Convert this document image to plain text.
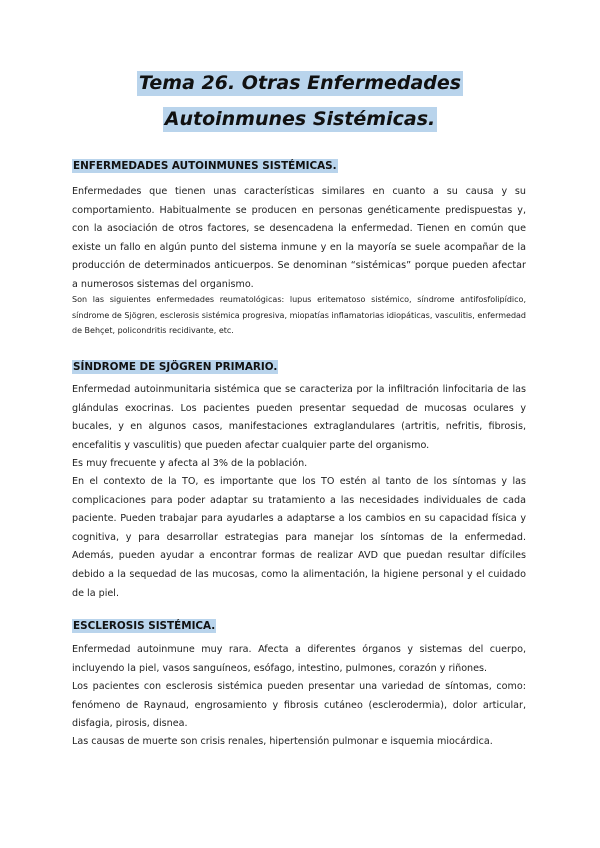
Tema 26. Otras Enfermedades
Autoinmunes Sistémicas.
ENFERMEDADES AUTOINMUNES SISTÉMICAS.

Enfermedades que tienen unas características similares en cuanto a su causa y su comportamiento. Habitualmente se producen en personas genéticamente predispuestas y, con la asociación de otros factores, se desencadena la enfermedad. Tienen en común que existe un fallo en algún punto del sistema inmune y en la mayoría se suele acompañar de la producción de determinados anticuerpos. Se denominan “sistémicas” porque pueden afectar a numerosos sistemas del organismo.

Son las siguientes enfermedades reumatológicas: lupus eritematoso sistémico, síndrome antifosfolipídico, síndrome de Sjögren, esclerosis sistémica progresiva, miopatías inflamatorias idiopáticas, vasculitis, enfermedad de Behçet, policondritis recidivante, etc.

SÍNDROME DE SJÖGREN PRIMARIO.

Enfermedad autoinmunitaria sistémica que se caracteriza por la infiltración linfocitaria de las glándulas exocrinas. Los pacientes pueden presentar sequedad de mucosas oculares y bucales, y en algunos casos, manifestaciones extraglandulares (artritis, nefritis, fibrosis, encefalitis y vasculitis) que pueden afectar cualquier parte del organismo.

Es muy frecuente y afecta al 3% de la población.

En el contexto de la TO, es importante que los TO estén al tanto de los síntomas y las complicaciones para poder adaptar su tratamiento a las necesidades individuales de cada paciente. Pueden trabajar para ayudarles a adaptarse a los cambios en su capacidad física y cognitiva, y para desarrollar estrategias para manejar los síntomas de la enfermedad. Además, pueden ayudar a encontrar formas de realizar AVD que puedan resultar difíciles debido a la sequedad de las mucosas, como la alimentación, la higiene personal y el cuidado de la piel.

ESCLEROSIS SISTÉMICA.

Enfermedad autoinmune muy rara. Afecta a diferentes órganos y sistemas del cuerpo, incluyendo la piel, vasos sanguíneos, esófago, intestino, pulmones, corazón y riñones.

Los pacientes con esclerosis sistémica pueden presentar una variedad de síntomas, como: fenómeno de Raynaud, engrosamiento y fibrosis cutáneo (esclerodermia), dolor articular, disfagia, pirosis, disnea.

Las causas de muerte son crisis renales, hipertensión pulmonar e isquemia miocárdica.
